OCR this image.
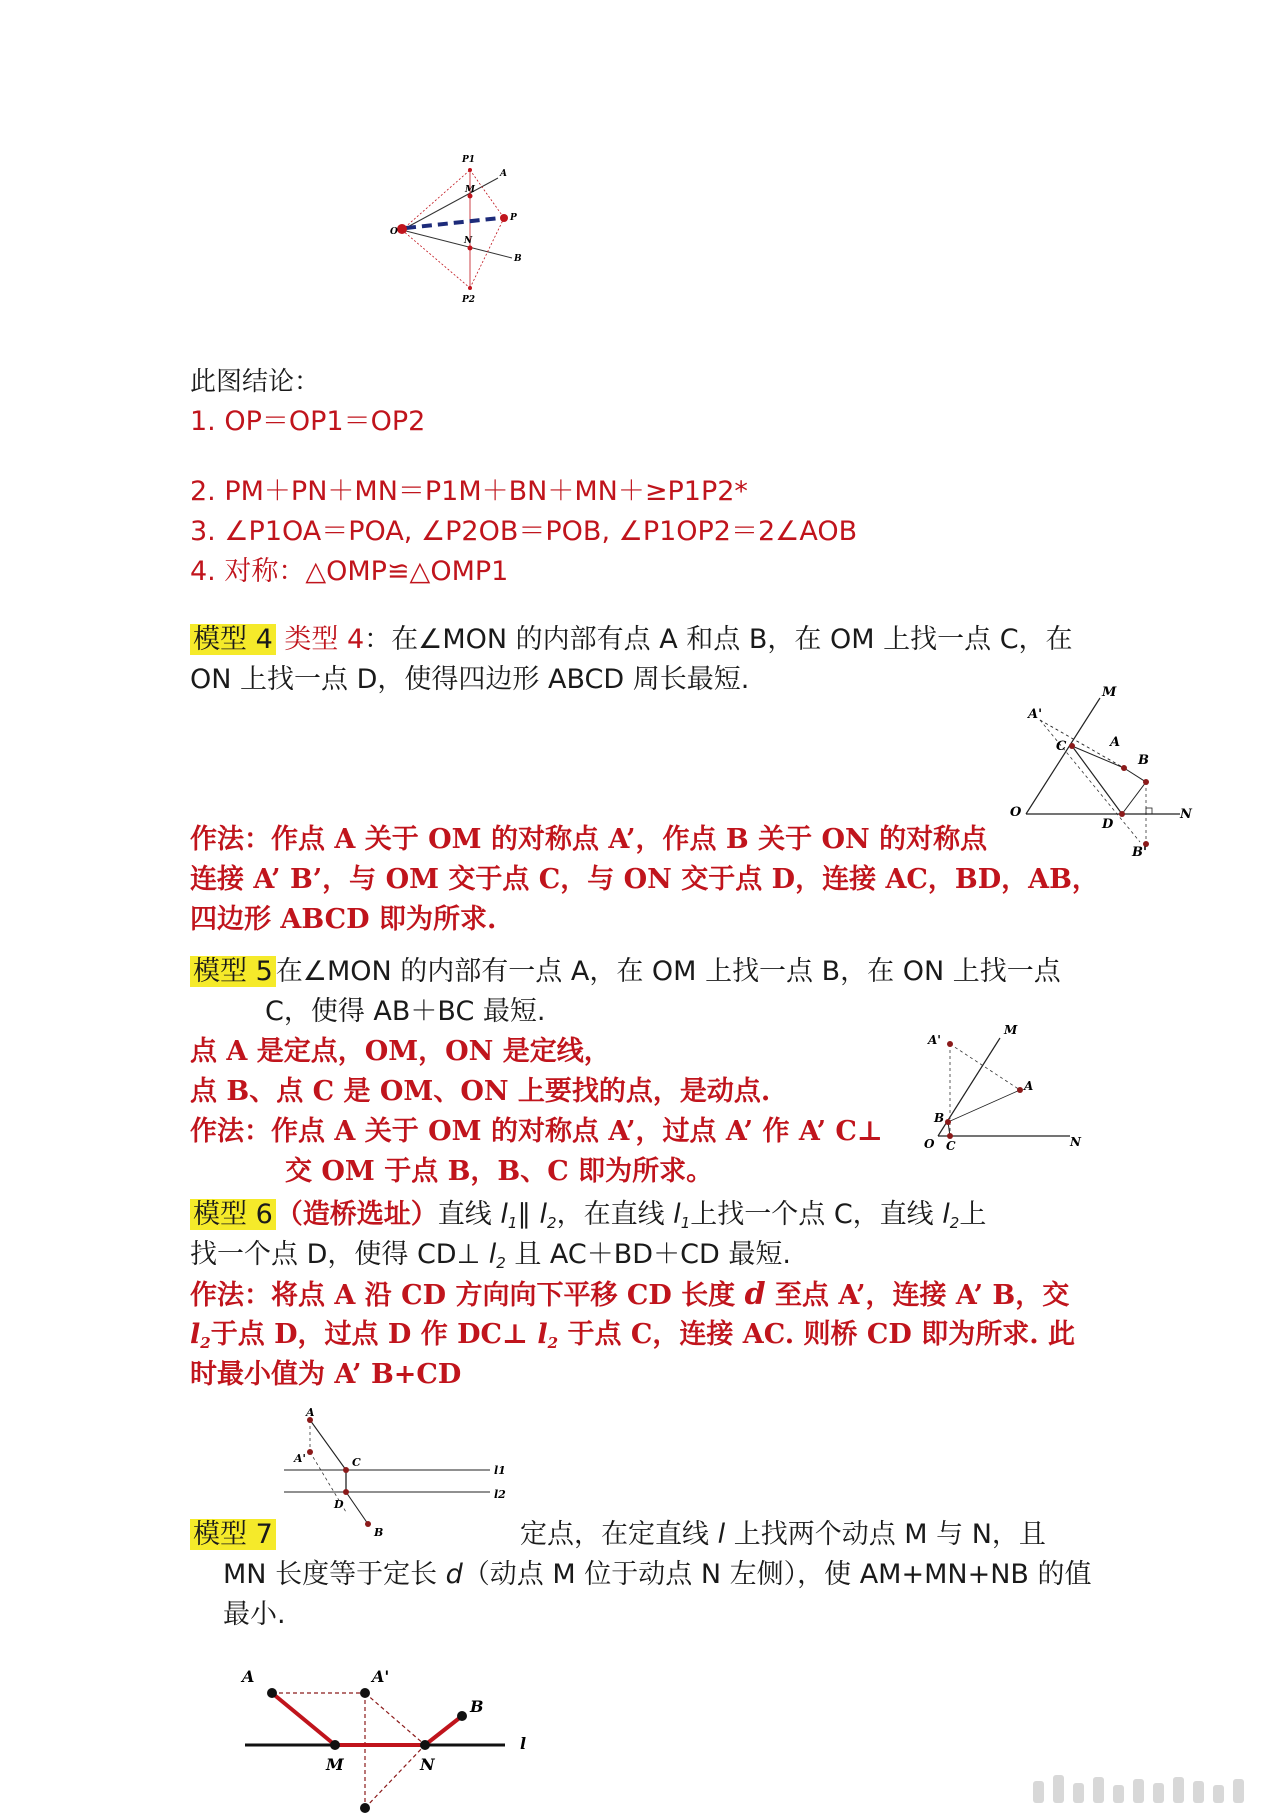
P1
A
M
O
P
N
B
P2
此图结论：
1. OP＝OP1＝OP2
2. PM＋PN＋MN＝P1M＋BN＋MN＋≥P1P2*
3. ∠P1OA＝POA, ∠P2OB＝POB, ∠P1OP2＝2∠AOB
4. 对称：△OMP≌△OMP1
模型 4 类型 4：在∠MON 的内部有点 A 和点 B，在 OM 上找一点 C，在
ON 上找一点 D，使得四边形 ABCD 周长最短.
A'
M
C	A
B
O
D
N
B'
作法：作点 A 关于 OM 的对称点 A’，作点 B 关于 ON 的对称点
连接 A’ B’，与 OM 交于点 C，与 ON 交于点 D，连接 AC，BD，AB，
四边形 ABCD 即为所求.
模型 5 在∠MON 的内部有一点 A，在 OM 上找一点 B，在 ON 上找一点
C，使得 AB＋BC 最短.
点 A 是定点，OM，ON 是定线，
点 B、点 C 是 OM、ON 上要找的点，是动点.
作法：作点 A 关于 OM 的对称点 A’，过点 A’ 作 A’ C⊥
交 OM 于点 B，B、C 即为所求。
A'
M
A
B
O C	N
模型 6 （造桥选址）直线 $l_1\parallel$ $l_2$，在直线 $l_1$上找一个点 C，直线 $l_2$上
找一个点 D，使得 CD⊥ $l_2$ 且 AC＋BD＋CD 最短.
作法：将点 A 沿 CD 方向向下平移 CD 长度 d 至点 A’，连接 A’ B，交
$l_2$于点 D，过点 D 作 DC⊥ $l_2$ 于点 C，连接 AC. 则桥 CD 即为所求. 此
时最小值为 A’ B+CD
A
A'	C
D
B
l1
l2
模型 7	定点，在定直线 l 上找两个动点 M 与 N，且
MN 长度等于定长 d（动点 M 位于动点 N 左侧），使 AM+MN+NB 的值
最小.
A	A'
B
M	N
l
